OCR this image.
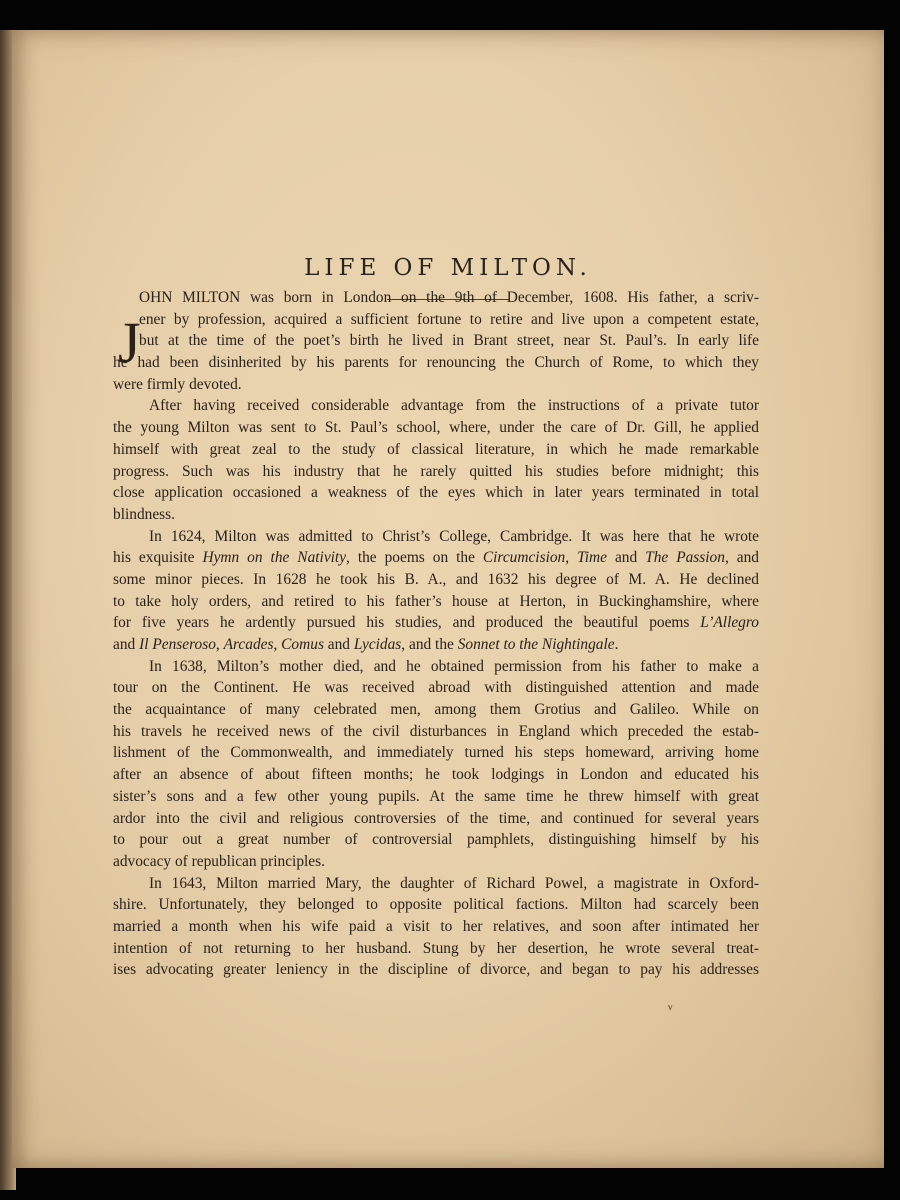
LIFE OF MILTON.
J
OHN MILTON was born in London on the 9th of December, 1608. His father, a scriv-
ener by profession, acquired a sufficient fortune to retire and live upon a competent estate,
but at the time of the poet’s birth he lived in Brant street, near St. Paul’s. In early life
he had been disinherited by his parents for renouncing the Church of Rome, to which they
were firmly devoted.
After having received considerable advantage from the instructions of a private tutor
the young Milton was sent to St. Paul’s school, where, under the care of Dr. Gill, he applied
himself with great zeal to the study of classical literature, in which he made remarkable
progress. Such was his industry that he rarely quitted his studies before midnight; this
close application occasioned a weakness of the eyes which in later years terminated in total
blindness.
In 1624, Milton was admitted to Christ’s College, Cambridge. It was here that he wrote
his exquisite Hymn on the Nativity, the poems on the Circumcision, Time and The Passion, and
some minor pieces. In 1628 he took his B. A., and 1632 his degree of M. A. He declined
to take holy orders, and retired to his father’s house at Herton, in Buckinghamshire, where
for five years he ardently pursued his studies, and produced the beautiful poems L’Allegro
and Il Penseroso, Arcades, Comus and Lycidas, and the Sonnet to the Nightingale.
In 1638, Milton’s mother died, and he obtained permission from his father to make a
tour on the Continent. He was received abroad with distinguished attention and made
the acquaintance of many celebrated men, among them Grotius and Galileo. While on
his travels he received news of the civil disturbances in England which preceded the estab-
lishment of the Commonwealth, and immediately turned his steps homeward, arriving home
after an absence of about fifteen months; he took lodgings in London and educated his
sister’s sons and a few other young pupils. At the same time he threw himself with great
ardor into the civil and religious controversies of the time, and continued for several years
to pour out a great number of controversial pamphlets, distinguishing himself by his
advocacy of republican principles.
In 1643, Milton married Mary, the daughter of Richard Powel, a magistrate in Oxford-
shire. Unfortunately, they belonged to opposite political factions. Milton had scarcely been
married a month when his wife paid a visit to her relatives, and soon after intimated her
intention of not returning to her husband. Stung by her desertion, he wrote several treat-
ises advocating greater leniency in the discipline of divorce, and began to pay his addresses
v
